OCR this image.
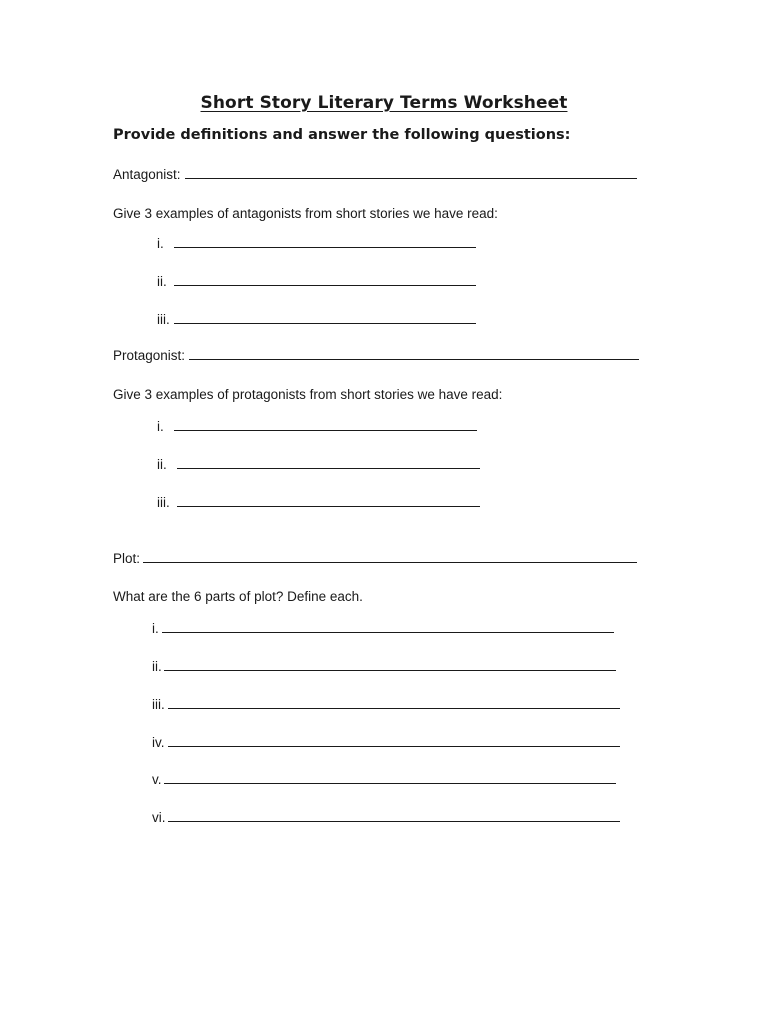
Short Story Literary Terms Worksheet
Provide definitions and answer the following questions:
Antagonist:
Give 3 examples of antagonists from short stories we have read:
i.
ii.
iii.
Protagonist:
Give 3 examples of protagonists from short stories we have read:
i.
ii.
iii.
Plot:
What are the 6 parts of plot? Define each.
i.
ii.
iii.
iv.
v.
vi.
